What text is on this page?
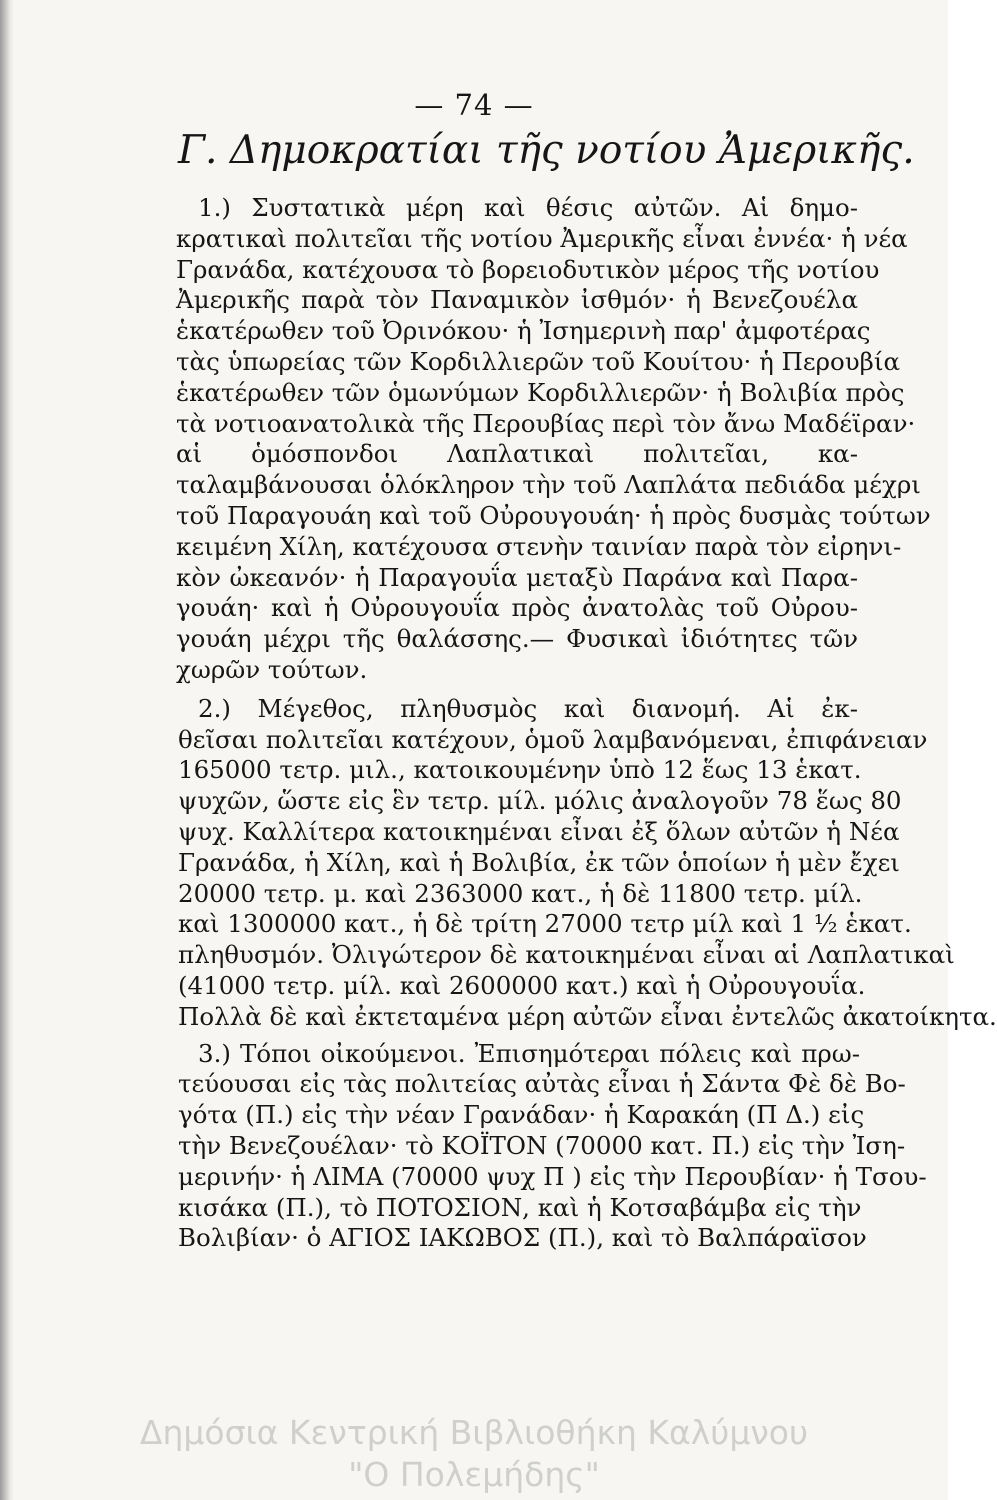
— 74 —
Γ. Δημοκρατίαι τῆς νοτίου Ἀμερικῆς.
1.) Συστατικὰ μέρη καὶ θέσις αὐτῶν. Αἱ δημο-
κρατικαὶ πολιτεῖαι τῆς νοτίου Ἀμερικῆς εἶναι ἐννέα· ἡ νέα
Γρανάδα, κατέχουσα τὸ βορειοδυτικὸν μέρος τῆς νοτίου
Ἀμερικῆς παρὰ τὸν Παναμικὸν ἰσθμόν· ἡ Βενεζουέλα
ἑκατέρωθεν τοῦ Ὀρινόκου· ἡ Ἰσημερινὴ παρ' ἀμφοτέρας
τὰς ὑπωρείας τῶν Κορδιλλιερῶν τοῦ Κουίτου· ἡ Περουβία
ἑκατέρωθεν τῶν ὁμωνύμων Κορδιλλιερῶν· ἡ Βολιβία πρὸς
τὰ νοτιοανατολικὰ τῆς Περουβίας περὶ τὸν ἄνω Μαδέϊραν·
αἱ ὁμόσπονδοι Λαπλατικαὶ πολιτεῖαι, κα-
ταλαμβάνουσαι ὁλόκληρον τὴν τοῦ Λαπλάτα πεδιάδα μέχρι
τοῦ Παραγουάη καὶ τοῦ Οὐρουγουάη· ἡ πρὸς δυσμὰς τούτων
κειμένη Χίλη, κατέχουσα στενὴν ταινίαν παρὰ τὸν εἰρηνι-
κὸν ὠκεανόν· ἡ Παραγουΐα μεταξὺ Παράνα καὶ Παρα-
γουάη· καὶ ἡ Οὐρουγουΐα πρὸς ἀνατολὰς τοῦ Οὐρου-
γουάη μέχρι τῆς θαλάσσης.— Φυσικαὶ ἰδιότητες τῶν
χωρῶν τούτων.
2.) Μέγεθος, πληθυσμὸς καὶ διανομή. Αἱ ἐκ-
θεῖσαι πολιτεῖαι κατέχουν, ὁμοῦ λαμβανόμεναι, ἐπιφάνειαν
165000 τετρ. μιλ., κατοικουμένην ὑπὸ 12 ἕως 13 ἑκατ.
ψυχῶν, ὥστε εἰς ἓν τετρ. μίλ. μόλις ἀναλογοῦν 78 ἕως 80
ψυχ. Καλλίτερα κατοικημέναι εἶναι ἐξ ὅλων αὐτῶν ἡ Νέα
Γρανάδα, ἡ Χίλη, καὶ ἡ Βολιβία, ἐκ τῶν ὁποίων ἡ μὲν ἔχει
20000 τετρ. μ. καὶ 2363000 κατ., ἡ δὲ 11800 τετρ. μίλ.
καὶ 1300000 κατ., ἡ δὲ τρίτη 27000 τετρ μίλ καὶ 1 ½ ἑκατ.
πληθυσμόν. Ὀλιγώτερον δὲ κατοικημέναι εἶναι αἱ Λαπλατικαὶ
(41000 τετρ. μίλ. καὶ 2600000 κατ.) καὶ ἡ Οὐρουγουΐα.
Πολλὰ δὲ καὶ ἐκτεταμένα μέρη αὐτῶν εἶναι ἐντελῶς ἀκατοίκητα.
3.) Τόποι οἰκούμενοι. Ἐπισημότεραι πόλεις καὶ πρω-
τεύουσαι εἰς τὰς πολιτείας αὐτὰς εἶναι ἡ Σάντα Φὲ δὲ Βο-
γότα (Π.) εἰς τὴν νέαν Γρανάδαν· ἡ Καρακάη (Π Δ.) εἰς
τὴν Βενεζουέλαν· τὸ ΚΟΪΤΟΝ (70000 κατ. Π.) εἰς τὴν Ἰση-
μερινήν· ἡ ΛΙΜΑ (70000 ψυχ Π ) εἰς τὴν Περουβίαν· ἡ Τσου-
κισάκα (Π.), τὸ ΠΟΤΟΣΙΟΝ, καὶ ἡ Κοτσαβάμβα εἰς τὴν
Βολιβίαν· ὁ ΑΓΙΟΣ ΙΑΚΩΒΟΣ (Π.), καὶ τὸ Βαλπάραϊσον
Δημόσια Κεντρική Βιβλιοθήκη Καλύμνου
"Ο Πολεμήδης"
